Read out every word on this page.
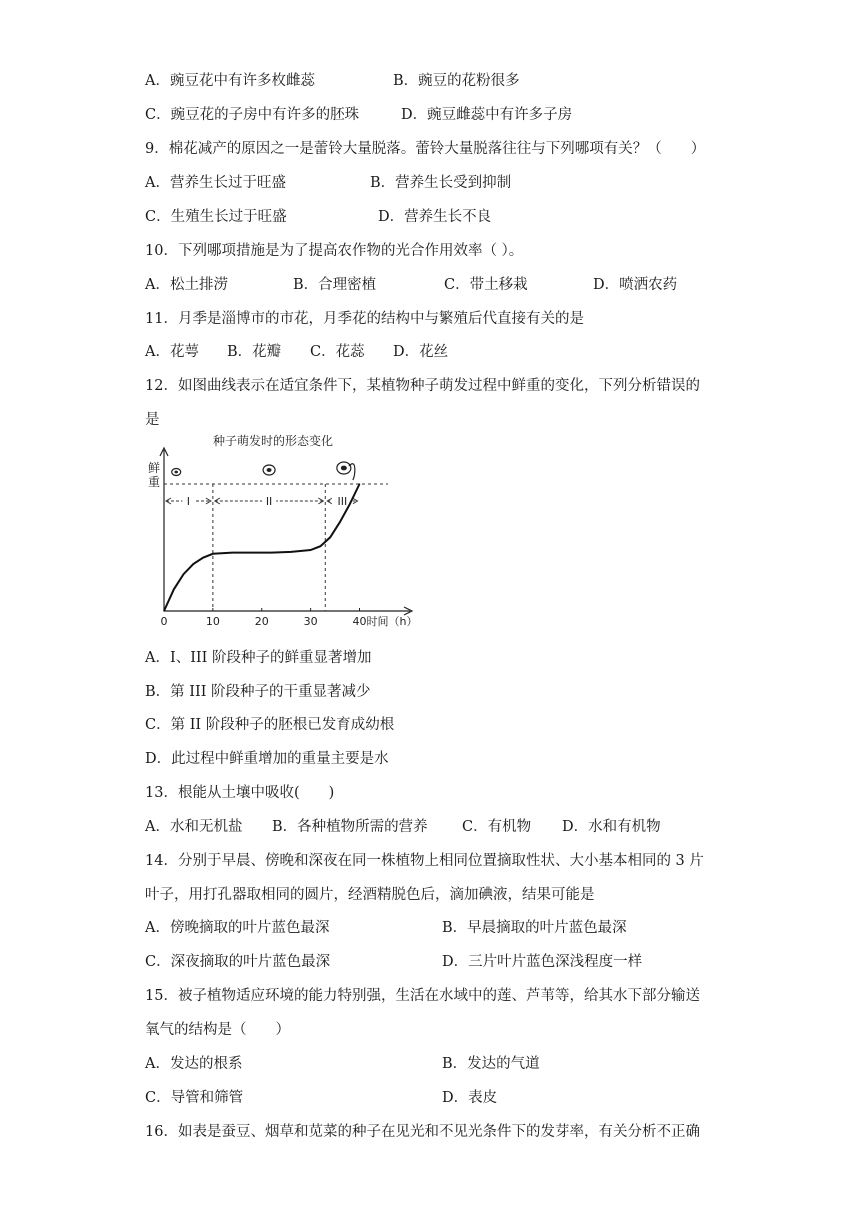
A．豌豆花中有许多枚雌蕊	B．豌豆的花粉很多
C．豌豆花的子房中有许多的胚珠	D．豌豆雌蕊中有许多子房
9．棉花减产的原因之一是蕾铃大量脱落。蕾铃大量脱落往往与下列哪项有关？（　　）
A．营养生长过于旺盛	B．营养生长受到抑制
C．生殖生长过于旺盛	D．营养生长不良
10．下列哪项措施是为了提高农作物的光合作用效率（ ）。
A．松土排涝	B．合理密植	C．带土移栽	D．喷洒农药
11．月季是淄博市的市花，月季花的结构中与繁殖后代直接有关的是
A．花萼 B．花瓣 C．花蕊 D．花丝
12．如图曲线表示在适宜条件下，某植物种子萌发过程中鲜重的变化，下列分析错误的
是
种子萌发时的形态变化
鲜重
时间（h）
0	10	20	30	40
I	II	III
A．I、III 阶段种子的鲜重显著增加
B．第 III 阶段种子的干重显著减少
C．第 II 阶段种子的胚根已发育成幼根
D．此过程中鲜重增加的重量主要是水
13．根能从土壤中吸收(　　)
A．水和无机盐 B．各种植物所需的营养 C．有机物 D．水和有机物
14．分别于早晨、傍晚和深夜在同一株植物上相同位置摘取性状、大小基本相同的 3 片
叶子，用打孔器取相同的圆片，经酒精脱色后，滴加碘液，结果可能是
A．傍晚摘取的叶片蓝色最深	B．早晨摘取的叶片蓝色最深
C．深夜摘取的叶片蓝色最深	D．三片叶片蓝色深浅程度一样
15．被子植物适应环境的能力特别强，生活在水域中的莲、芦苇等，给其水下部分输送
氧气的结构是（　　）
A．发达的根系	B．发达的气道
C．导管和筛管	D．表皮
16．如表是蚕豆、烟草和苋菜的种子在见光和不见光条件下的发芽率，有关分析不正确
